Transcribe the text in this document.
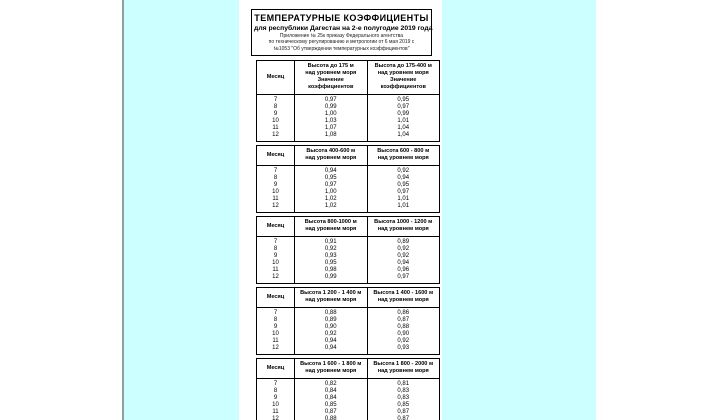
ТЕМПЕРАТУРНЫЕ КОЭФФИЦИЕНТЫ
для республики Дагестан на 2-е полугодие 2019 года
Приложение № 25к приказу Федерального агентства
по техническому регулированию и метрологии от 6 мая 2019 с
№1053 "Об утверждении температурных коэффициентов"
Месяц
Высота до 175 м
над уровнем моря
Значение коэффициентов
Высота до 175-400 м
над уровнем моря
Значение коэффициентов
7
8
9
10
11
12
0,97
0,99
1,00
1,03
1,07
1,08
0,95
0,97
0,99
1,01
1,04
1,04
Месяц
Высота 400-600 м
над уровнем моря
Высота 600 - 800 м
над уровнем моря
7
8
9
10
11
12
0,94
0,95
0,97
1,00
1,02
1,02
0,92
0,94
0,95
0,97
1,01
1,01
Месяц
Высота 800-1000 м
над уровнем моря
Высота 1000 - 1200 м
над уровнем моря
7
8
9
10
11
12
0,91
0,92
0,93
0,95
0,98
0,99
0,89
0,92
0,92
0,94
0,96
0,97
Месяц
Высота 1 200 - 1 400 м
над уровнем моря
Высота 1 400 - 1600 м
над уровнем моря
7
8
9
10
11
12
0,88
0,89
0,90
0,92
0,94
0,94
0,86
0,87
0,88
0,90
0,92
0,93
Месяц
Высота 1 600 - 1 800 м
над уровнем моря
Высота 1 800 - 2000 м
над уровнем моря
7
8
9
10
11
12
0,82
0,84
0,84
0,85
0,87
0,88
0,81
0,83
0,83
0,85
0,87
0,87
